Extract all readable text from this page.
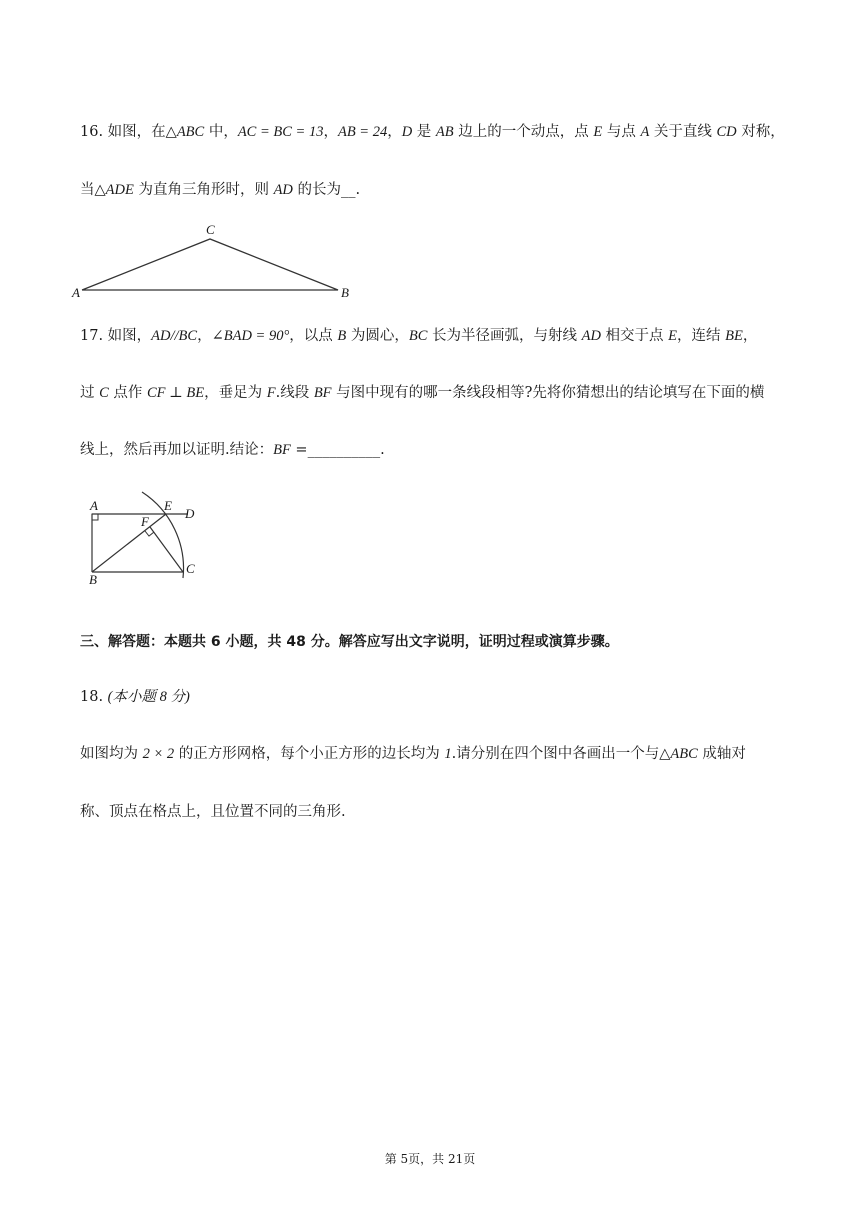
16. 如图，在△ABC 中，AC = BC = 13，AB = 24，D 是 AB 边上的一个动点，点 E 与点 A 关于直线 CD 对称，

当△ADE 为直角三角形时，则 AD 的长为__.

A
C
B

17. 如图，AD//BC，∠BAD = 90°，以点 B 为圆心，BC 长为半径画弧，与射线 AD 相交于点 E，连结 BE，

过 C 点作 CF ⊥ BE，垂足为 F.线段 BF 与图中现有的哪一条线段相等?先将你猜想出的结论填写在下面的横

线上，然后再加以证明.结论：BF =__________.

A	E
D
F
B
C

三、解答题：本题共 6 小题，共 48 分。解答应写出文字说明，证明过程或演算步骤。

18. (本小题 8 分)

如图均为 2 × 2 的正方形网格，每个小正方形的边长均为 1.请分别在四个图中各画出一个与△ABC 成轴对

称、顶点在格点上，且位置不同的三角形.

第 5页，共 21页
